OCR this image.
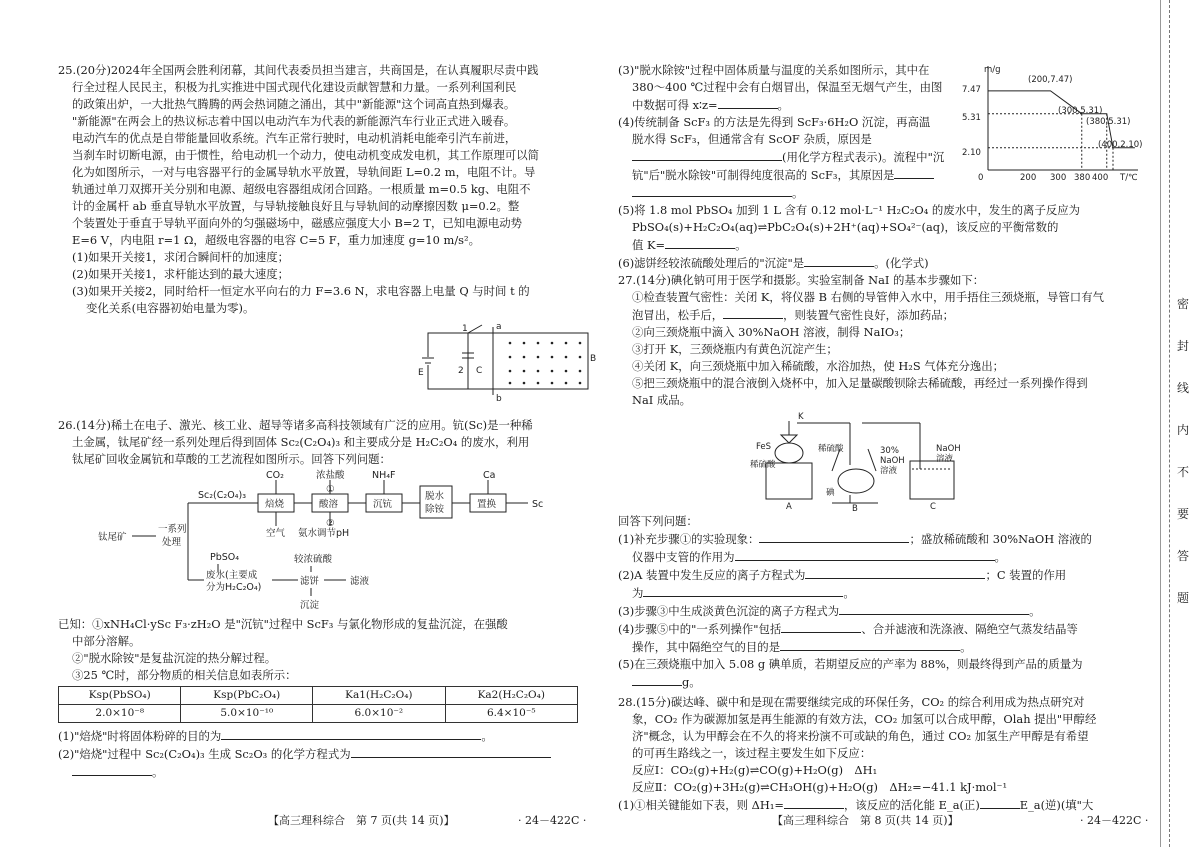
25.(20分)2024年全国两会胜利闭幕，其间代表委员担当建言，共商国是，在认真履职尽责中践

行全过程人民民主，积极为扎实推进中国式现代化建设贡献智慧和力量。一系列利国利民

的政策出炉，一大批热气腾腾的两会热词随之涌出，其中"新能源"这个词高直热到爆表。

"新能源"在两会上的热议标志着中国以电动汽车为代表的新能源汽车行业正式进入暖春。

电动汽车的优点是自带能量回收系统。汽车正常行驶时，电动机消耗电能牵引汽车前进，

当刹车时切断电源，由于惯性，给电动机一个动力，使电动机变成发电机，其工作原理可以简

化为如图所示，一对与电容器平行的金属导轨水平放置，导轨间距 L=0.2 m，电阻不计。导

轨通过单刀双掷开关分别和电源、超级电容器组成闭合回路。一根质量 m=0.5 kg、电阻不

计的金属杆 ab 垂直导轨水平放置，与导轨接触良好且与导轨间的动摩擦因数 μ=0.2。整

个装置处于垂直于导轨平面向外的匀强磁场中，磁感应强度大小 B=2 T，已知电源电动势

E=6 V，内电阻 r=1 Ω，超级电容器的电容 C=5 F，重力加速度 g=10 m/s²。

(1)如果开关接1，求闭合瞬间杆的加速度；

(2)如果开关接1，求杆能达到的最大速度；

(3)如果开关接2，同时给杆一恒定水平向右的力 F=3.6 N，求电容器上电量 Q 与时间 t 的

变化关系(电容器初始电量为零)。

1
2
a
b
B
C
E

26.(14分)稀土在电子、激光、核工业、超导等诸多高科技领域有广泛的应用。钪(Sc)是一种稀

土金属，钛尾矿经一系列处理后得到固体 Sc₂(C₂O₄)₃ 和主要成分是 H₂C₂O₄ 的废水，利用

钛尾矿回收金属钪和草酸的工艺流程如图所示。回答下列问题：

CO₂	浓盐酸	NH₄F	Ca
Sc₂(C₂O₄)₃
焙烧	酸溶	沉钪
脱水
除铵	置换	Sc
空气 氨水调节pH
①
②
钛尾矿
一系列
处理
PbSO₄	较浓硫酸
废水(主要成
分为H₂C₂O₄)
滤饼	滤液
沉淀

已知：①xNH₄Cl·ySc F₃·zH₂O 是"沉钪"过程中 ScF₃ 与氯化物形成的复盐沉淀，在强酸

中部分溶解。

②"脱水除铵"是复盐沉淀的热分解过程。

③25 ℃时，部分物质的相关信息如表所示：

Ksp(PbSO₄)	Ksp(PbC₂O₄)	Ka1(H₂C₂O₄)	Ka2(H₂C₂O₄)
2.0×10⁻⁸	5.0×10⁻¹⁰	6.0×10⁻²	6.4×10⁻⁵

(1)"焙烧"时将固体粉碎的目的为	。

(2)"焙烧"过程中 Sc₂(C₂O₄)₃ 生成 Sc₂O₃ 的化学方程式为

。

(3)"脱水除铵"过程中固体质量与温度的关系如图所示，其中在

380～400 ℃过程中会有白烟冒出，保温至无烟气产生，由图

中数据可得 x∶z=	。

(4)传统制备 ScF₃ 的方法是先得到 ScF₃·6H₂O 沉淀，再高温

脱水得 ScF₃，但通常含有 ScOF 杂质，原因是

(用化学方程式表示)。流程中"沉

钪"后"脱水除铵"可制得纯度很高的 ScF₃，其原因是

。

m/g
T/℃
7.47
5.31
2.10
0	200 300 380 400
(200,7.47)
(300,5.31)
(380,5.31)
(400,2.10)

(5)将 1.8 mol PbSO₄ 加到 1 L 含有 0.12 mol·L⁻¹ H₂C₂O₄ 的废水中，发生的离子反应为

PbSO₄(s)+H₂C₂O₄(aq)⇌PbC₂O₄(s)+2H⁺(aq)+SO₄²⁻(aq)，该反应的平衡常数的

值 K=	。

(6)滤饼经较浓硫酸处理后的"沉淀"是	。(化学式)

27.(14分)碘化钠可用于医学和摄影。实验室制备 NaI 的基本步骤如下：

①检查装置气密性：关闭 K，将仪器 B 右侧的导管伸入水中，用手捂住三颈烧瓶，导管口有气

泡冒出，松手后，	，则装置气密性良好，添加药品；

②向三颈烧瓶中滴入 30%NaOH 溶液，制得 NaIO₃；

③打开 K，三颈烧瓶内有黄色沉淀产生；

④关闭 K，向三颈烧瓶中加入稀硫酸，水浴加热，使 H₂S 气体充分逸出；

⑤把三颈烧瓶中的混合液倒入烧杯中，加入足量碳酸钡除去稀硫酸，再经过一系列操作得到

NaI 成品。

K
FeS
稀硫酸
稀硫酸	30%
NaOH
溶液
NaOH
溶液
碘
A	B	C

回答下列问题：

(1)补充步骤①的实验现象：	；盛放稀硫酸和 30%NaOH 溶液的

仪器中支管的作用为	。

(2)A 装置中发生反应的离子方程式为	；C 装置的作用

为	。

(3)步骤③中生成淡黄色沉淀的离子方程式为	。

(4)步骤⑤中的"一系列操作"包括	、合并滤液和洗涤液、隔绝空气蒸发结晶等

操作，其中隔绝空气的目的是	。

(5)在三颈烧瓶中加入 5.08 g 碘单质，若期望反应的产率为 88%，则最终得到产品的质量为

g。

28.(15分)碳达峰、碳中和是现在需要继续完成的环保任务，CO₂ 的综合利用成为热点研究对

象，CO₂ 作为碳源加氢是再生能源的有效方法，CO₂ 加氢可以合成甲醇，Olah 提出"甲醇经

济"概念，认为甲醇会在不久的将来扮演不可或缺的角色，通过 CO₂ 加氢生产甲醇是有希望

的可再生路线之一，该过程主要发生如下反应：

反应Ⅰ：CO₂(g)+H₂(g)⇌CO(g)+H₂O(g)　ΔH₁

反应Ⅱ：CO₂(g)+3H₂(g)⇌CH₃OH(g)+H₂O(g)　ΔH₂=−41.1 kJ·mol⁻¹

(1)①相关键能如下表，则 ΔH₁=	，该反应的活化能 E_a(正)	E_a(逆)(填"大

【高三理科综合　第 7 页(共 14 页)】	· 24－422C ·	【高三理科综合　第 8 页(共 14 页)】	· 24－422C ·
密
封
线
内
不
要
答
题
